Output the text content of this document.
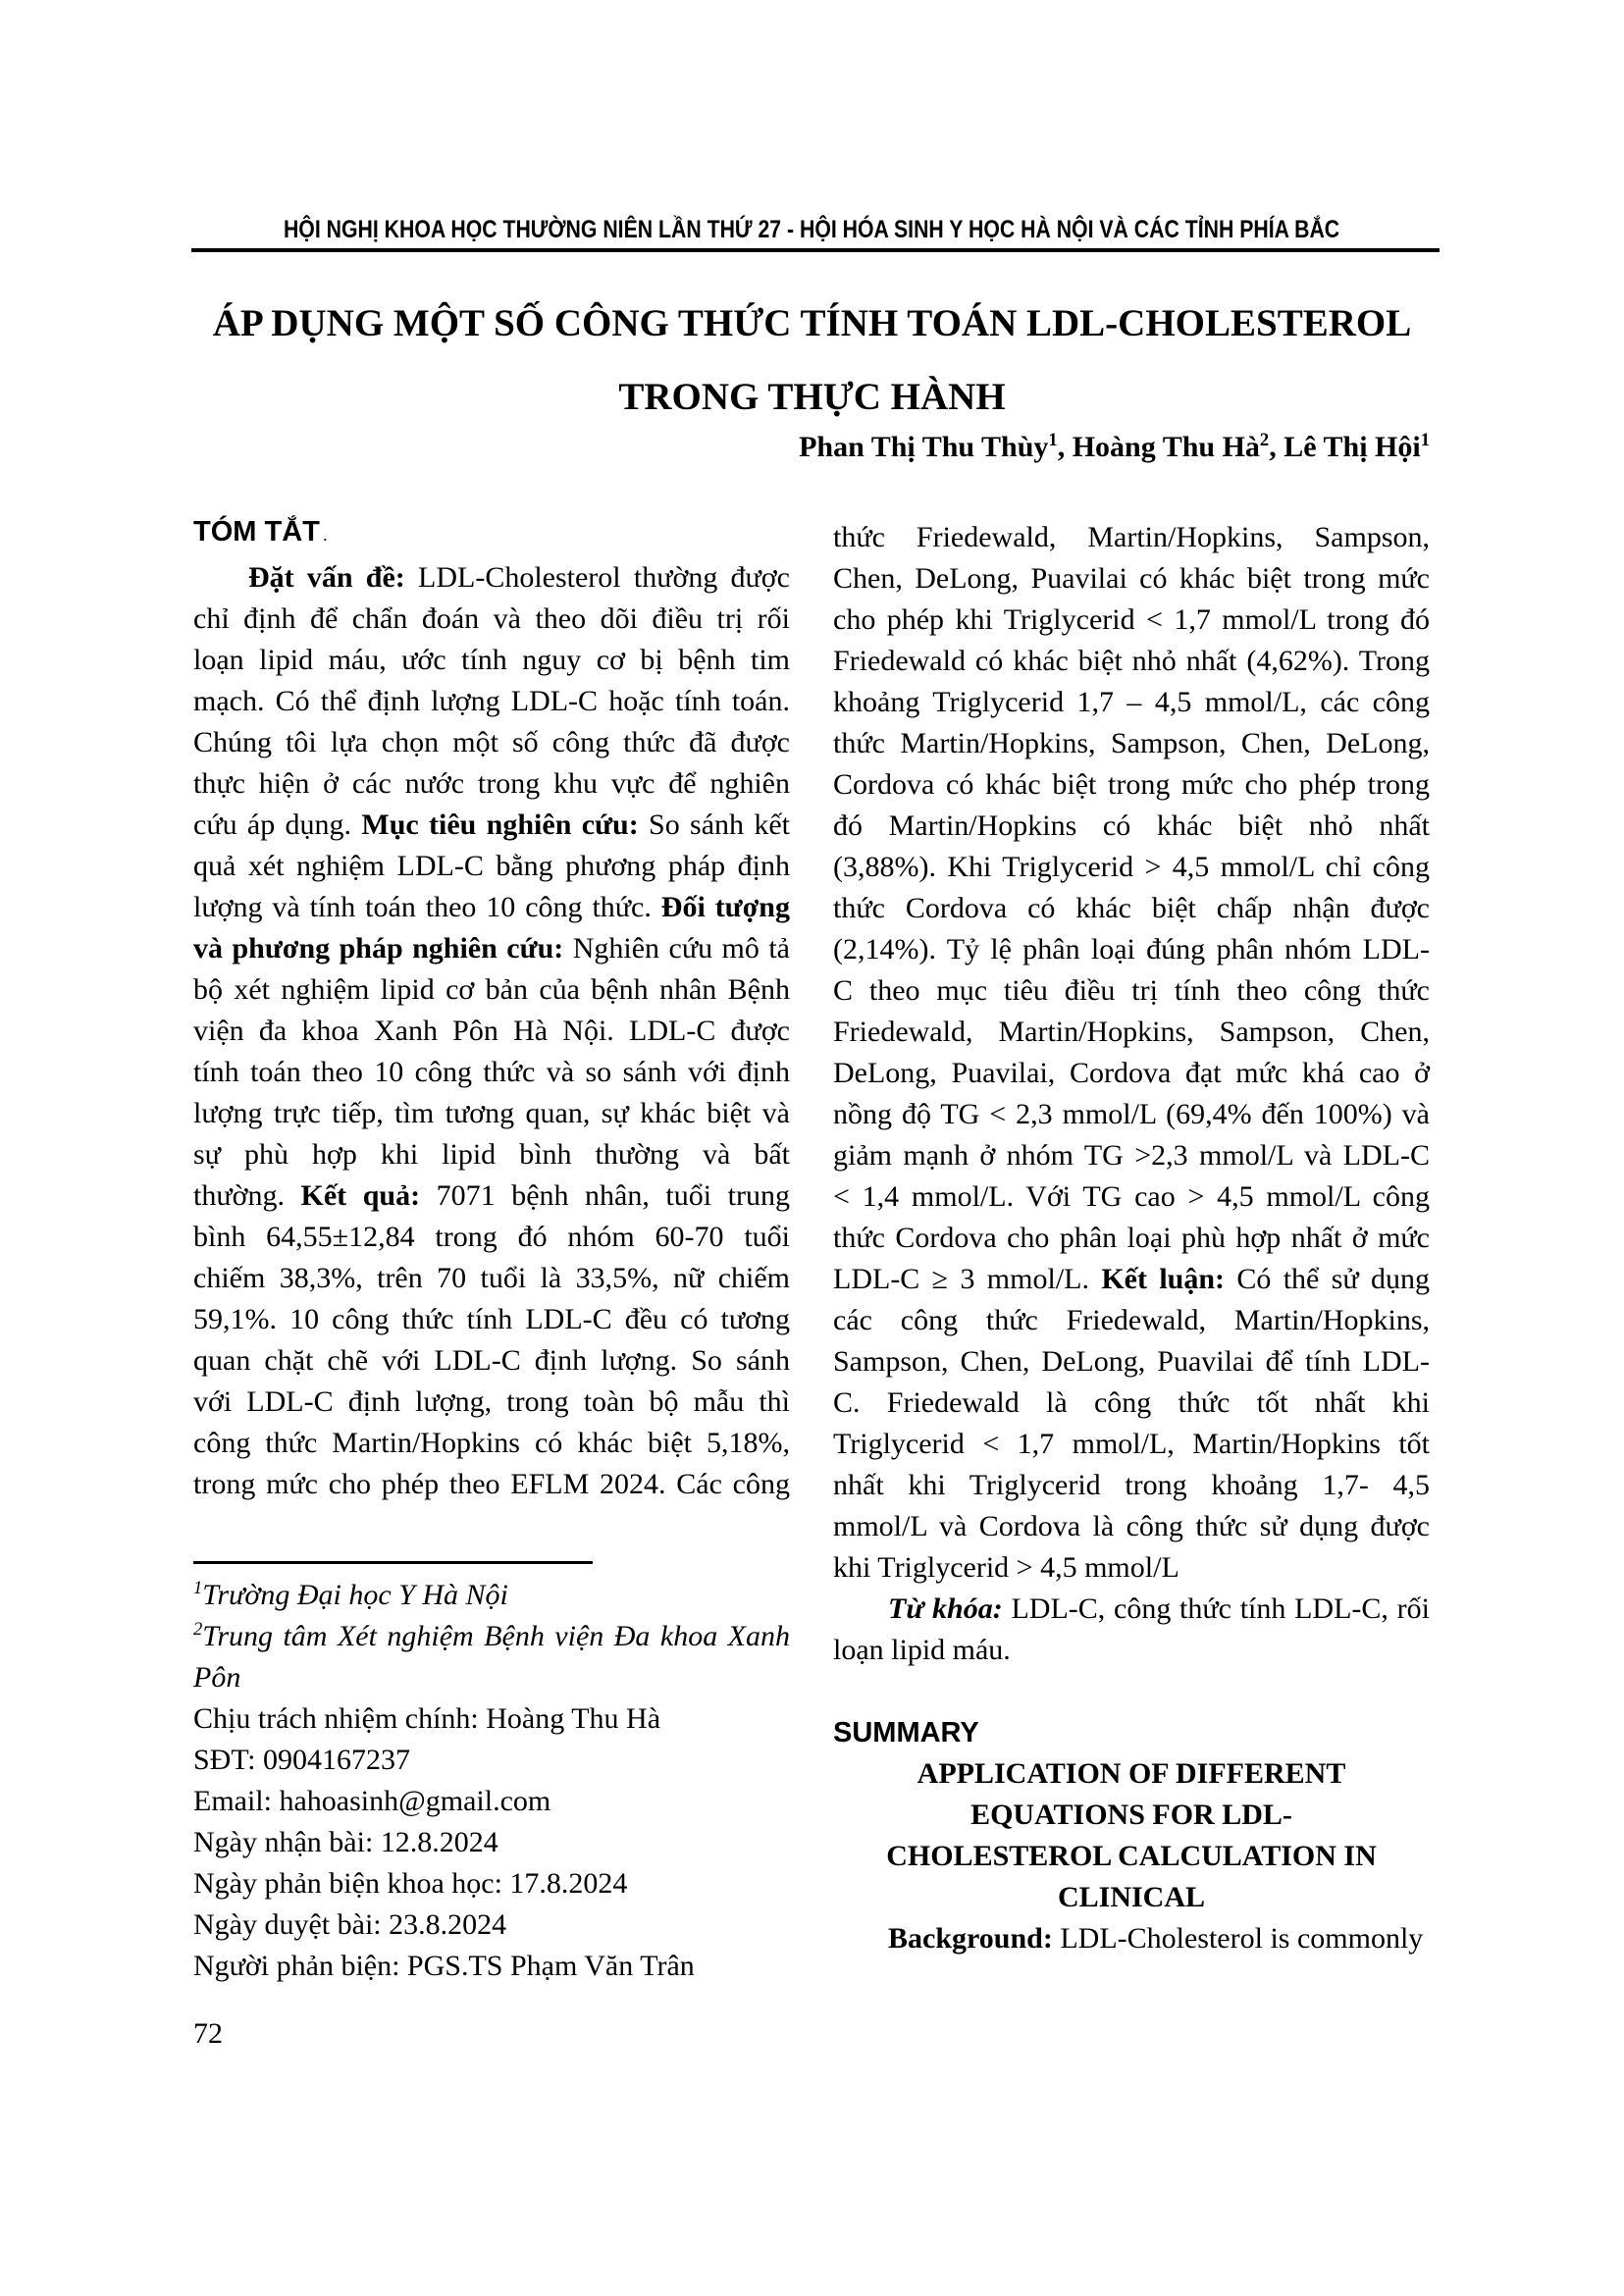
HỘI NGHỊ KHOA HỌC THƯỜNG NIÊN LẦN THỨ 27 - HỘI HÓA SINH Y HỌC HÀ NỘI VÀ CÁC TỈNH PHÍA BẮC
ÁP DỤNG MỘT SỐ CÔNG THỨC TÍNH TOÁN LDL-CHOLESTEROL
TRONG THỰC HÀNH
Phan Thị Thu Thùy$^1$, Hoàng Thu $Hà^2$, Lê Thị Hội$^1$
TÓM TẮT .
Đặt vấn đề: LDL-Cholesterol thường được
chỉ định để chẩn đoán và theo dõi điều trị rối
loạn lipid máu, ước tính nguy cơ bị bệnh tim
mạch. Có thể định lượng LDL-C hoặc tính toán.
Chúng tôi lựa chọn một số công thức đã được
thực hiện ở các nước trong khu vực để nghiên
cứu áp dụng. Mục tiêu nghiên cứu: So sánh kết
quả xét nghiệm LDL-C bằng phương pháp định
lượng và tính toán theo 10 công thức. Đối tượng
và phương pháp nghiên cứu: Nghiên cứu mô tả
bộ xét nghiệm lipid cơ bản của bệnh nhân Bệnh
viện đa khoa Xanh Pôn Hà Nội. LDL-C được
tính toán theo 10 công thức và so sánh với định
lượng trực tiếp, tìm tương quan, sự khác biệt và
sự phù hợp khi lipid bình thường và bất
thường. Kết quả: 7071 bệnh nhân, tuổi trung
bình 64,55±12,84 trong đó nhóm 60-70 tuổi
chiếm 38,3%, trên 70 tuổi là 33,5%, nữ chiếm
59,1%. 10 công thức tính LDL-C đều có tương
quan chặt chẽ với LDL-C định lượng. So sánh
với LDL-C định lượng, trong toàn bộ mẫu thì
công thức Martin/Hopkins có khác biệt 5,18%,
trong mức cho phép theo EFLM 2024. Các công
thức Friedewald, Martin/Hopkins, Sampson,
Chen, DeLong, Puavilai có khác biệt trong mức
cho phép khi Triglycerid < 1,7 mmol/L trong đó
Friedewald có khác biệt nhỏ nhất (4,62%). Trong
khoảng Triglycerid 1,7 – 4,5 mmol/L, các công
thức Martin/Hopkins, Sampson, Chen, DeLong,
Cordova có khác biệt trong mức cho phép trong
đó Martin/Hopkins có khác biệt nhỏ nhất
(3,88%). Khi Triglycerid > 4,5 mmol/L chỉ công
thức Cordova có khác biệt chấp nhận được
(2,14%). Tỷ lệ phân loại đúng phân nhóm LDL-
C theo mục tiêu điều trị tính theo công thức
Friedewald, Martin/Hopkins, Sampson, Chen,
DeLong, Puavilai, Cordova đạt mức khá cao ở
nồng độ TG < 2,3 mmol/L (69,4% đến 100%) và
giảm mạnh ở nhóm TG >2,3 mmol/L và LDL-C
< 1,4 mmol/L. Với TG cao > 4,5 mmol/L công
thức Cordova cho phân loại phù hợp nhất ở mức
LDL-C ≥ 3 mmol/L. Kết luận: Có thể sử dụng
các công thức Friedewald, Martin/Hopkins,
Sampson, Chen, DeLong, Puavilai để tính LDL-
C. Friedewald là công thức tốt nhất khi
Triglycerid < 1,7 mmol/L, Martin/Hopkins tốt
nhất khi Triglycerid trong khoảng 1,7- 4,5
mmol/L và Cordova là công thức sử dụng được
khi Triglycerid > 4,5 mmol/L
Từ khóa: LDL-C, công thức tính LDL-C, rối
loạn lipid máu.
SUMMARY
APPLICATION OF DIFFERENT
EQUATIONS FOR LDL-
CHOLESTEROL CALCULATION IN
CLINICAL
Background: LDL-Cholesterol is commonly
$^1$Trường Đại học Y Hà Nội
$^2$Trung tâm Xét nghiệm Bệnh viện Đa khoa Xanh
Pôn
Chịu trách nhiệm chính: Hoàng Thu Hà
SĐT: 0904167237
Email: hahoasinh@gmail.com
Ngày nhận bài: 12.8.2024
Ngày phản biện khoa học: 17.8.2024
Ngày duyệt bài: 23.8.2024
Người phản biện: PGS.TS Phạm Văn Trân
72
